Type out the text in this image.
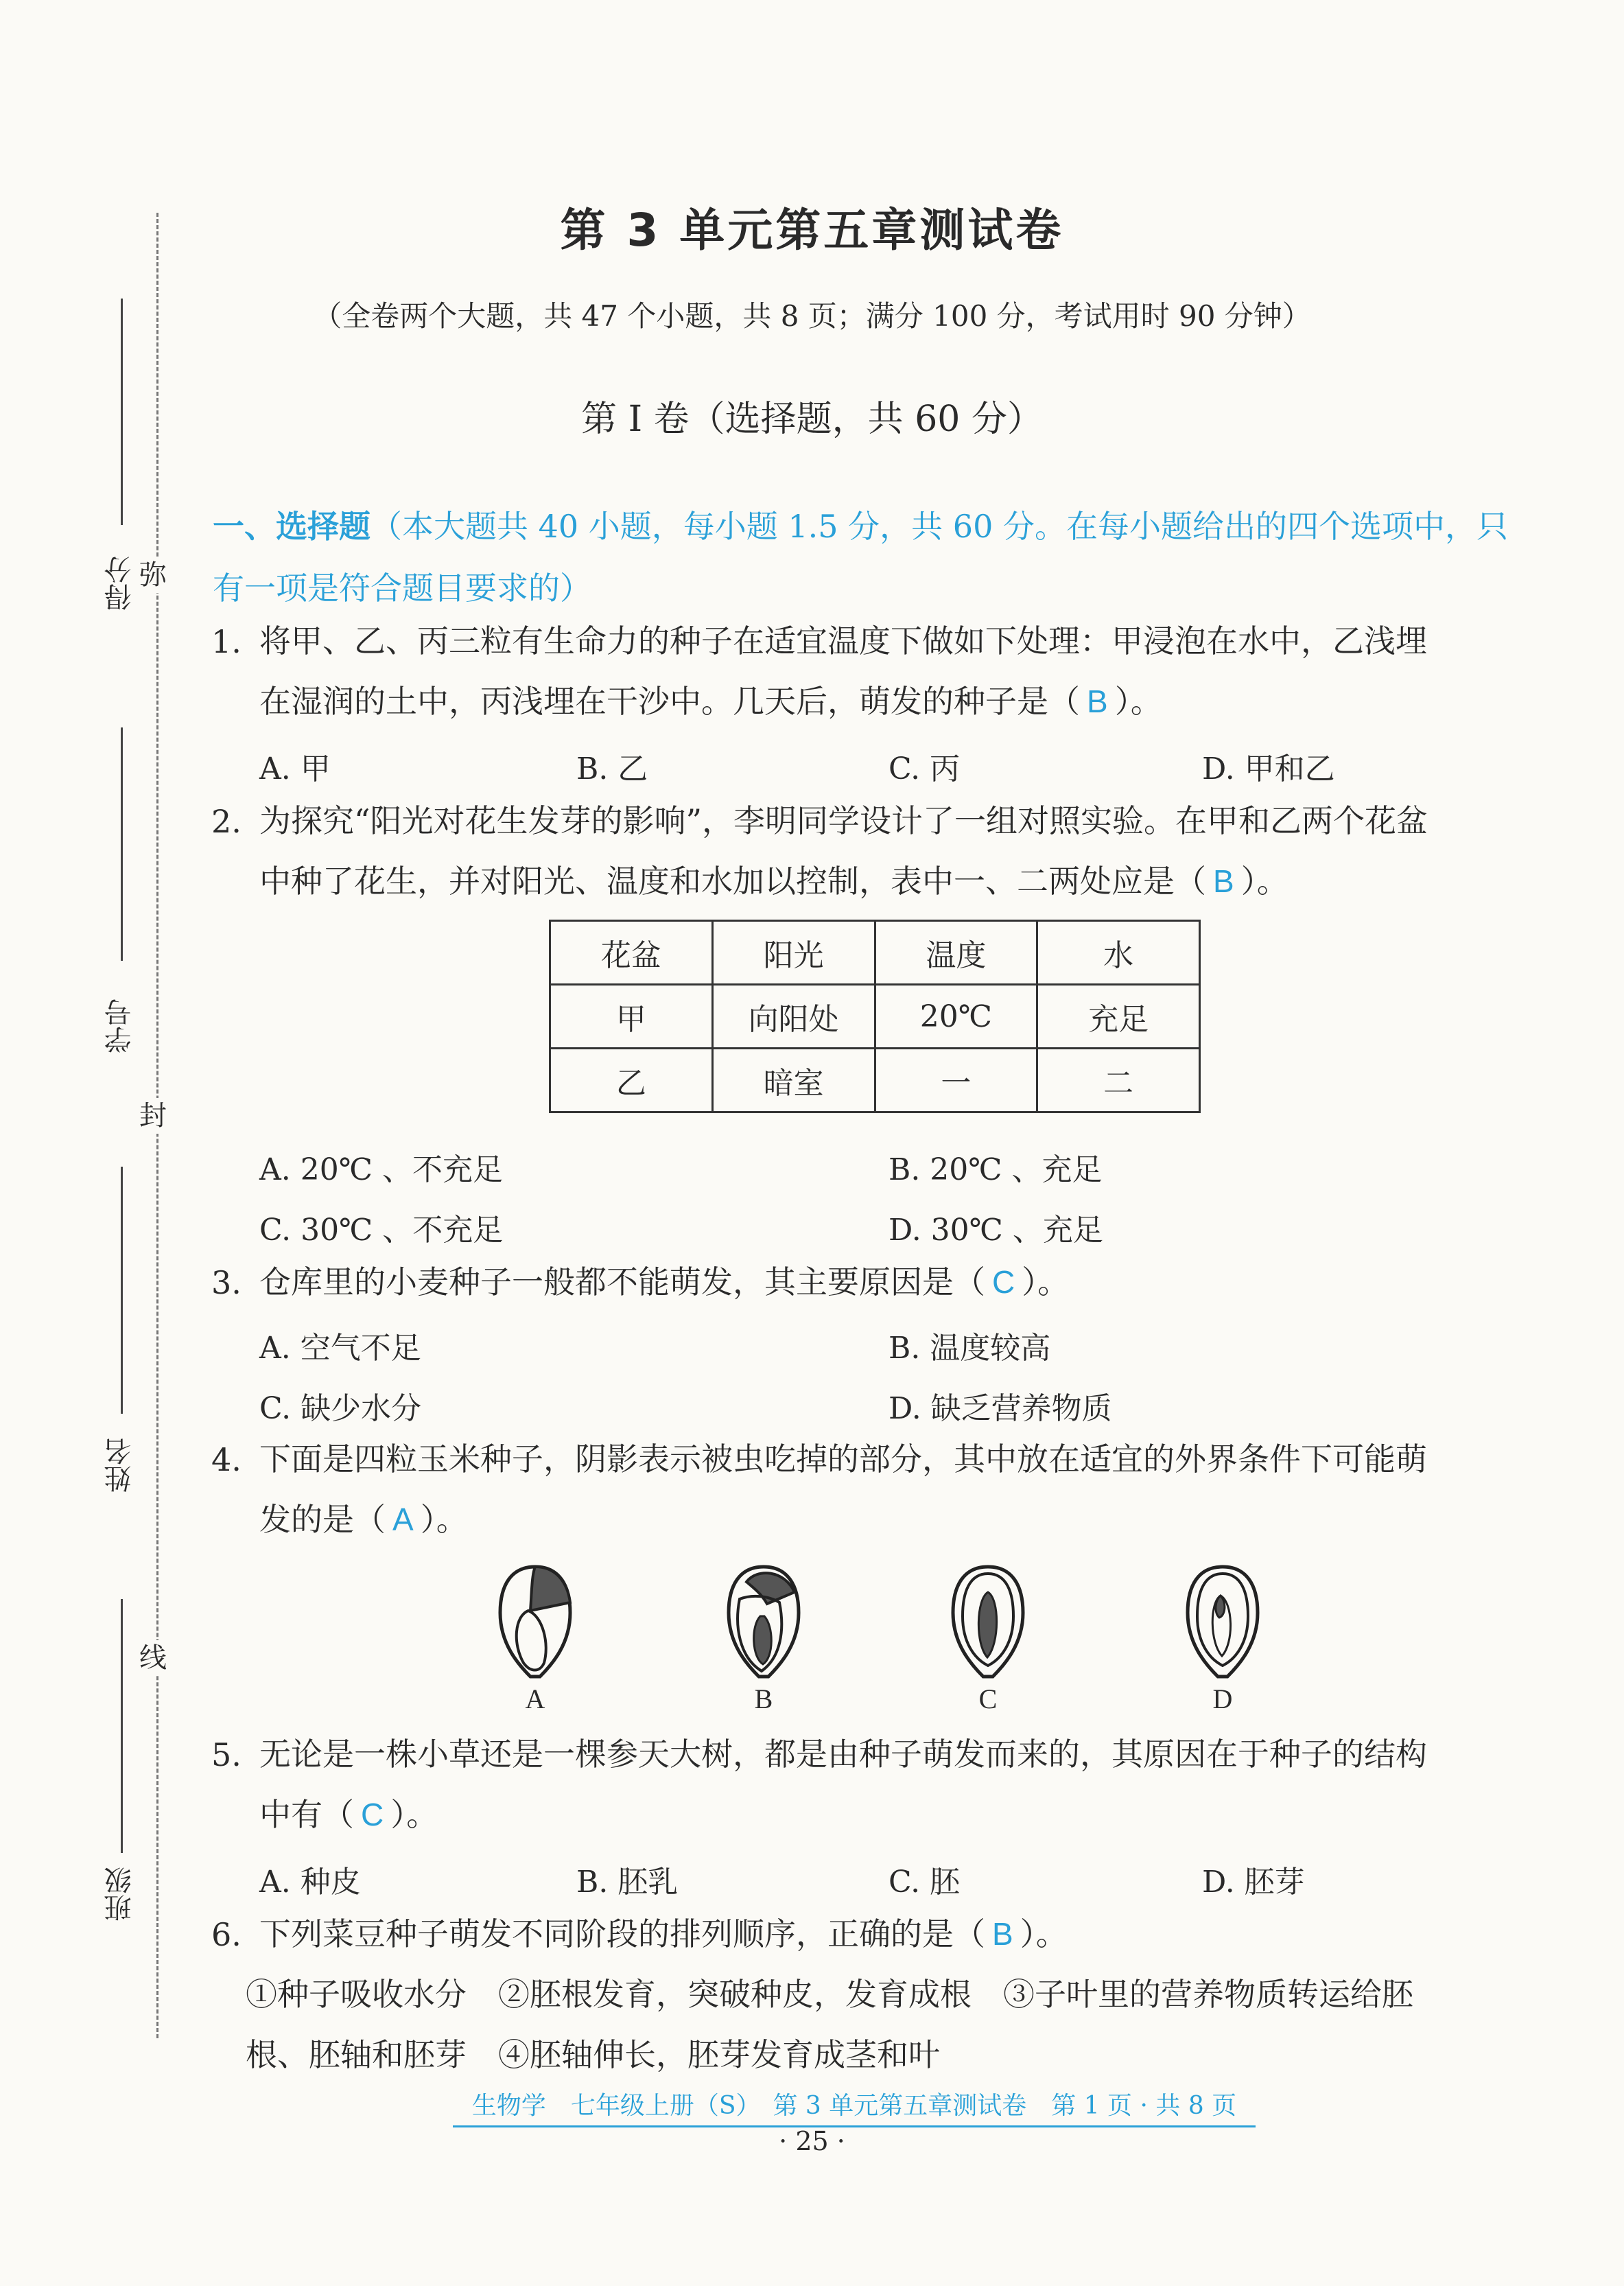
弥
封
线
得分
学号
姓名
班级
第 3 单元第五章测试卷
（全卷两个大题，共 47 个小题，共 8 页；满分 100 分，考试用时 90 分钟）
第 I 卷（选择题，共 60 分）
一、选择题（本大题共 40 小题，每小题 1.5 分，共 60 分。在每小题给出的四个选项中，只有一项是符合题目要求的）
1. 将甲、乙、丙三粒有生命力的种子在适宜温度下做如下处理：甲浸泡在水中，乙浅埋
在湿润的土中，丙浅埋在干沙中。几天后，萌发的种子是（ B ）。
A. 甲	B. 乙	C. 丙	D. 甲和乙
2. 为探究“阳光对花生发芽的影响”，李明同学设计了一组对照实验。在甲和乙两个花盆
中种了花生，并对阳光、温度和水加以控制，表中一、二两处应是（ B ）。
花盆	阳光	温度	水
甲	向阳处	20℃	充足
乙	暗室	一	二
A. 20℃ 、不充足	B. 20℃ 、充足
C. 30℃ 、不充足	D. 30℃ 、充足
3. 仓库里的小麦种子一般都不能萌发，其主要原因是（ C ）。
A. 空气不足	B. 温度较高
C. 缺少水分	D. 缺乏营养物质
4. 下面是四粒玉米种子，阴影表示被虫吃掉的部分，其中放在适宜的外界条件下可能萌
发的是（ A ）。
A	B	C	D
5. 无论是一株小草还是一棵参天大树，都是由种子萌发而来的，其原因在于种子的结构
中有（ C ）。
A. 种皮	B. 胚乳	C. 胚	D. 胚芽
6. 下列菜豆种子萌发不同阶段的排列顺序，正确的是（ B ）。
①种子吸收水分　②胚根发育，突破种皮，发育成根　③子叶里的营养物质转运给胚
根、胚轴和胚芽　④胚轴伸长，胚芽发育成茎和叶
生物学　七年级上册（S）　第 3 单元第五章测试卷　第 1 页 · 共 8 页
· 25 ·
